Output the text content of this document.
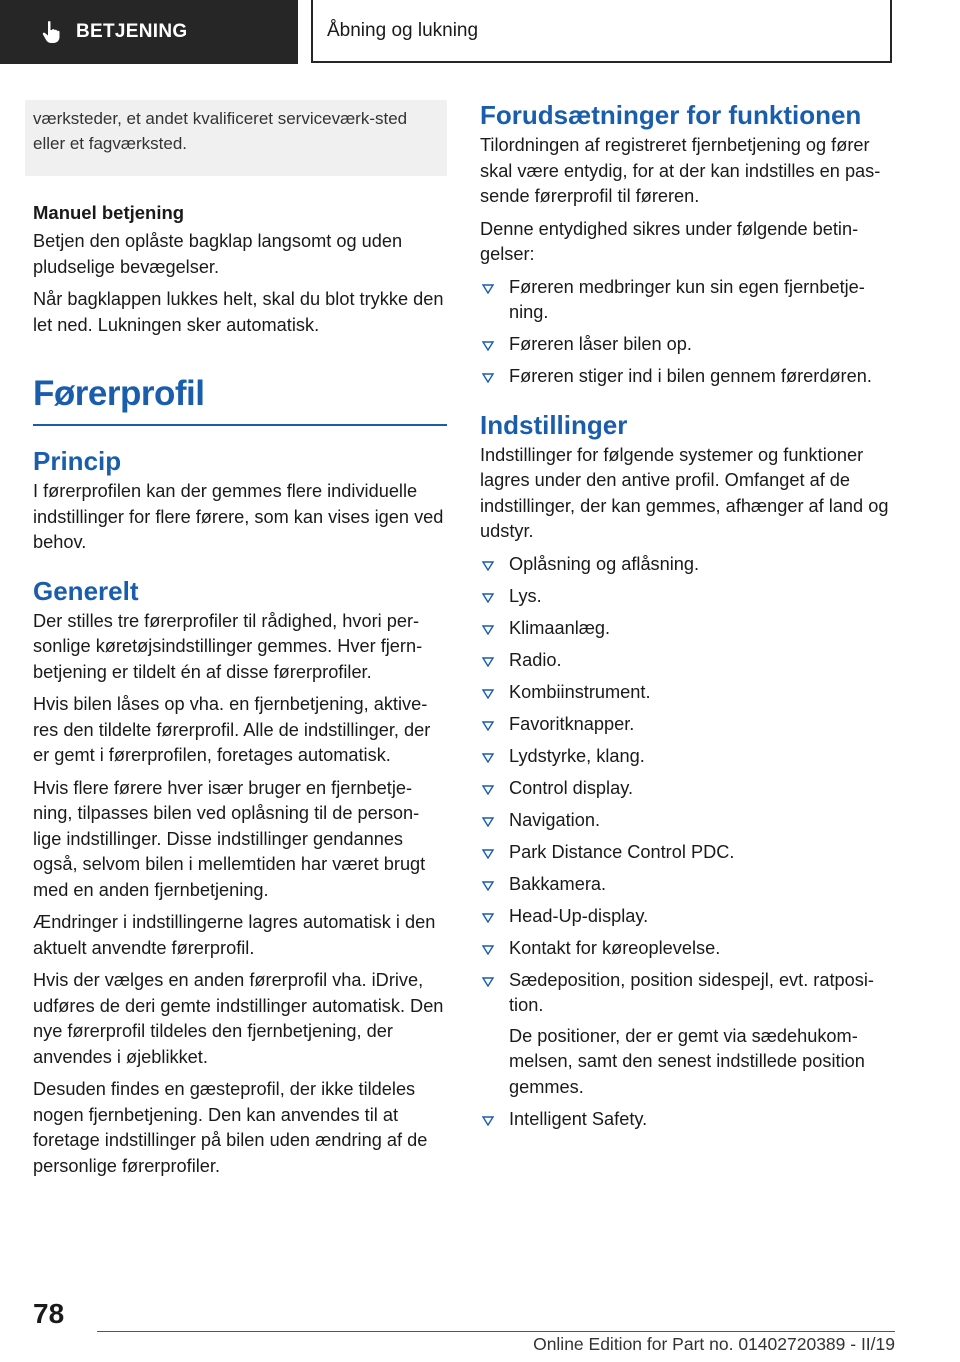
BETJENING	Åbning og lukning

værksteder, et andet kvalificeret serviceværk-sted eller et fagværksted.

Manuel betjening

Betjen den oplåste bagklap langsomt og uden pludselige bevægelser.

Når bagklappen lukkes helt, skal du blot trykke den let ned. Lukningen sker automatisk.

Førerprofil
Princip

I førerprofilen kan der gemmes flere individuelle indstillinger for flere førere, som kan vises igen ved behov.

Generelt

Der stilles tre førerprofiler til rådighed, hvori per-sonlige køretøjsindstillinger gemmes. Hver fjern-betjening er tildelt én af disse førerprofiler.

Hvis bilen låses op vha. en fjernbetjening, aktive-res den tildelte førerprofil. Alle de indstillinger, der er gemt i førerprofilen, foretages automatisk.

Hvis flere førere hver især bruger en fjernbetje-ning, tilpasses bilen ved oplåsning til de person-lige indstillinger. Disse indstillinger gendannes også, selvom bilen i mellemtiden har været brugt med en anden fjernbetjening.

Ændringer i indstillingerne lagres automatisk i den aktuelt anvendte førerprofil.

Hvis der vælges en anden førerprofil vha. iDrive, udføres de deri gemte indstillinger automatisk. Den nye førerprofil tildeles den fjernbetjening, der anvendes i øjeblikket.

Desuden findes en gæsteprofil, der ikke tildeles nogen fjernbetjening. Den kan anvendes til at foretage indstillinger på bilen uden ændring af de personlige førerprofiler.

Forudsætninger for funktionen

Tilordningen af registreret fjernbetjening og fører skal være entydig, for at der kan indstilles en pas-sende førerprofil til føreren.

Denne entydighed sikres under følgende betin-gelser:

Føreren medbringer kun sin egen fjernbetje-ning.
Føreren låser bilen op.
Føreren stiger ind i bilen gennem førerdøren.
Indstillinger

Indstillinger for følgende systemer og funktioner lagres under den antive profil. Omfanget af de indstillinger, der kan gemmes, afhænger af land og udstyr.

Oplåsning og aflåsning.
Lys.
Klimaanlæg.
Radio.
Kombiinstrument.
Favoritknapper.
Lydstyrke, klang.
Control display.
Navigation.
Park Distance Control PDC.
Bakkamera.
Head-Up-display.
Kontakt for køreoplevelse.
Sædeposition, position sidespejl, evt. ratposi-tion.

De positioner, der er gemt via sædehukom-melsen, samt den senest indstillede position gemmes.

Intelligent Safety.
78
Online Edition for Part no. 01402720389 - II/19
